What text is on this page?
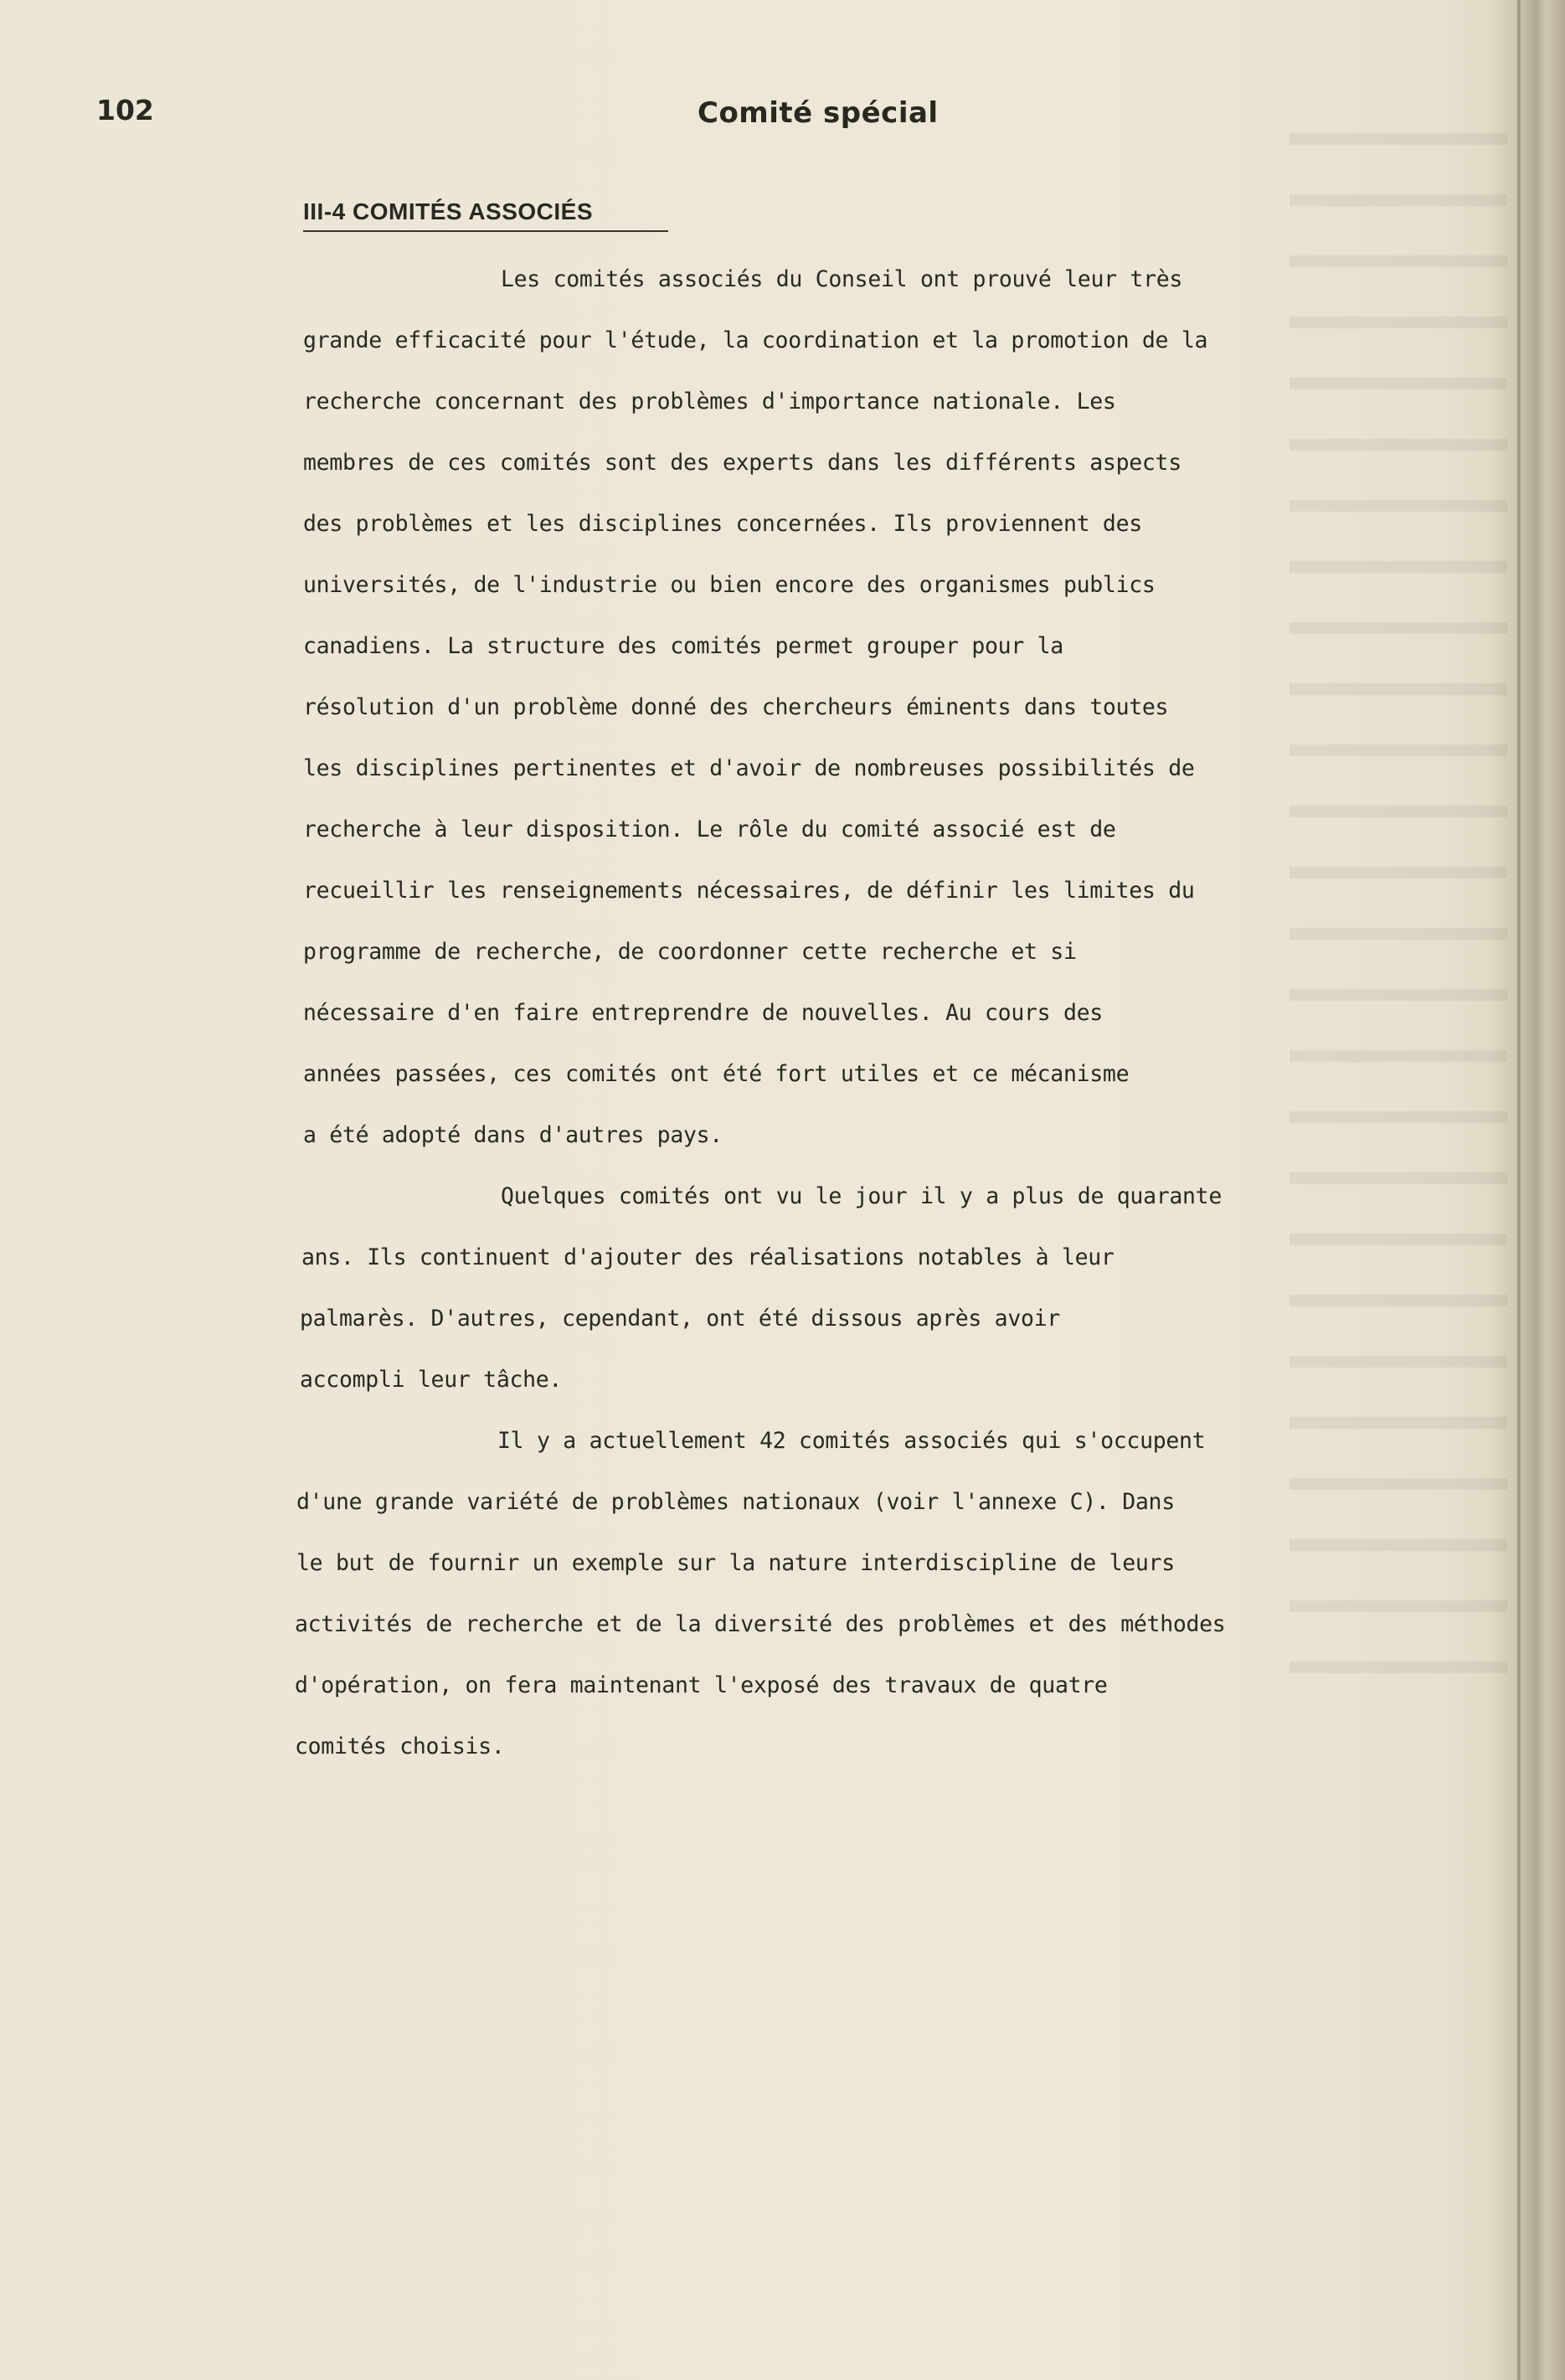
102	Comité spécial

III-4 COMITÉS ASSOCIÉS

Les comités associés du Conseil ont prouvé leur très

grande efficacité pour l'étude, la coordination et la promotion de la

recherche concernant des problèmes d'importance nationale. Les

membres de ces comités sont des experts dans les différents aspects

des problèmes et les disciplines concernées. Ils proviennent des

universités, de l'industrie ou bien encore des organismes publics

canadiens. La structure des comités permet grouper pour la

résolution d'un problème donné des chercheurs éminents dans toutes

les disciplines pertinentes et d'avoir de nombreuses possibilités de

recherche à leur disposition. Le rôle du comité associé est de

recueillir les renseignements nécessaires, de définir les limites du

programme de recherche, de coordonner cette recherche et si

nécessaire d'en faire entreprendre de nouvelles. Au cours des

années passées, ces comités ont été fort utiles et ce mécanisme

a été adopté dans d'autres pays.

Quelques comités ont vu le jour il y a plus de quarante

ans. Ils continuent d'ajouter des réalisations notables à leur

palmarès. D'autres, cependant, ont été dissous après avoir

accompli leur tâche.

Il y a actuellement 42 comités associés qui s'occupent

d'une grande variété de problèmes nationaux (voir l'annexe C). Dans

le but de fournir un exemple sur la nature interdiscipline de leurs

activités de recherche et de la diversité des problèmes et des méthodes

d'opération, on fera maintenant l'exposé des travaux de quatre

comités choisis.
